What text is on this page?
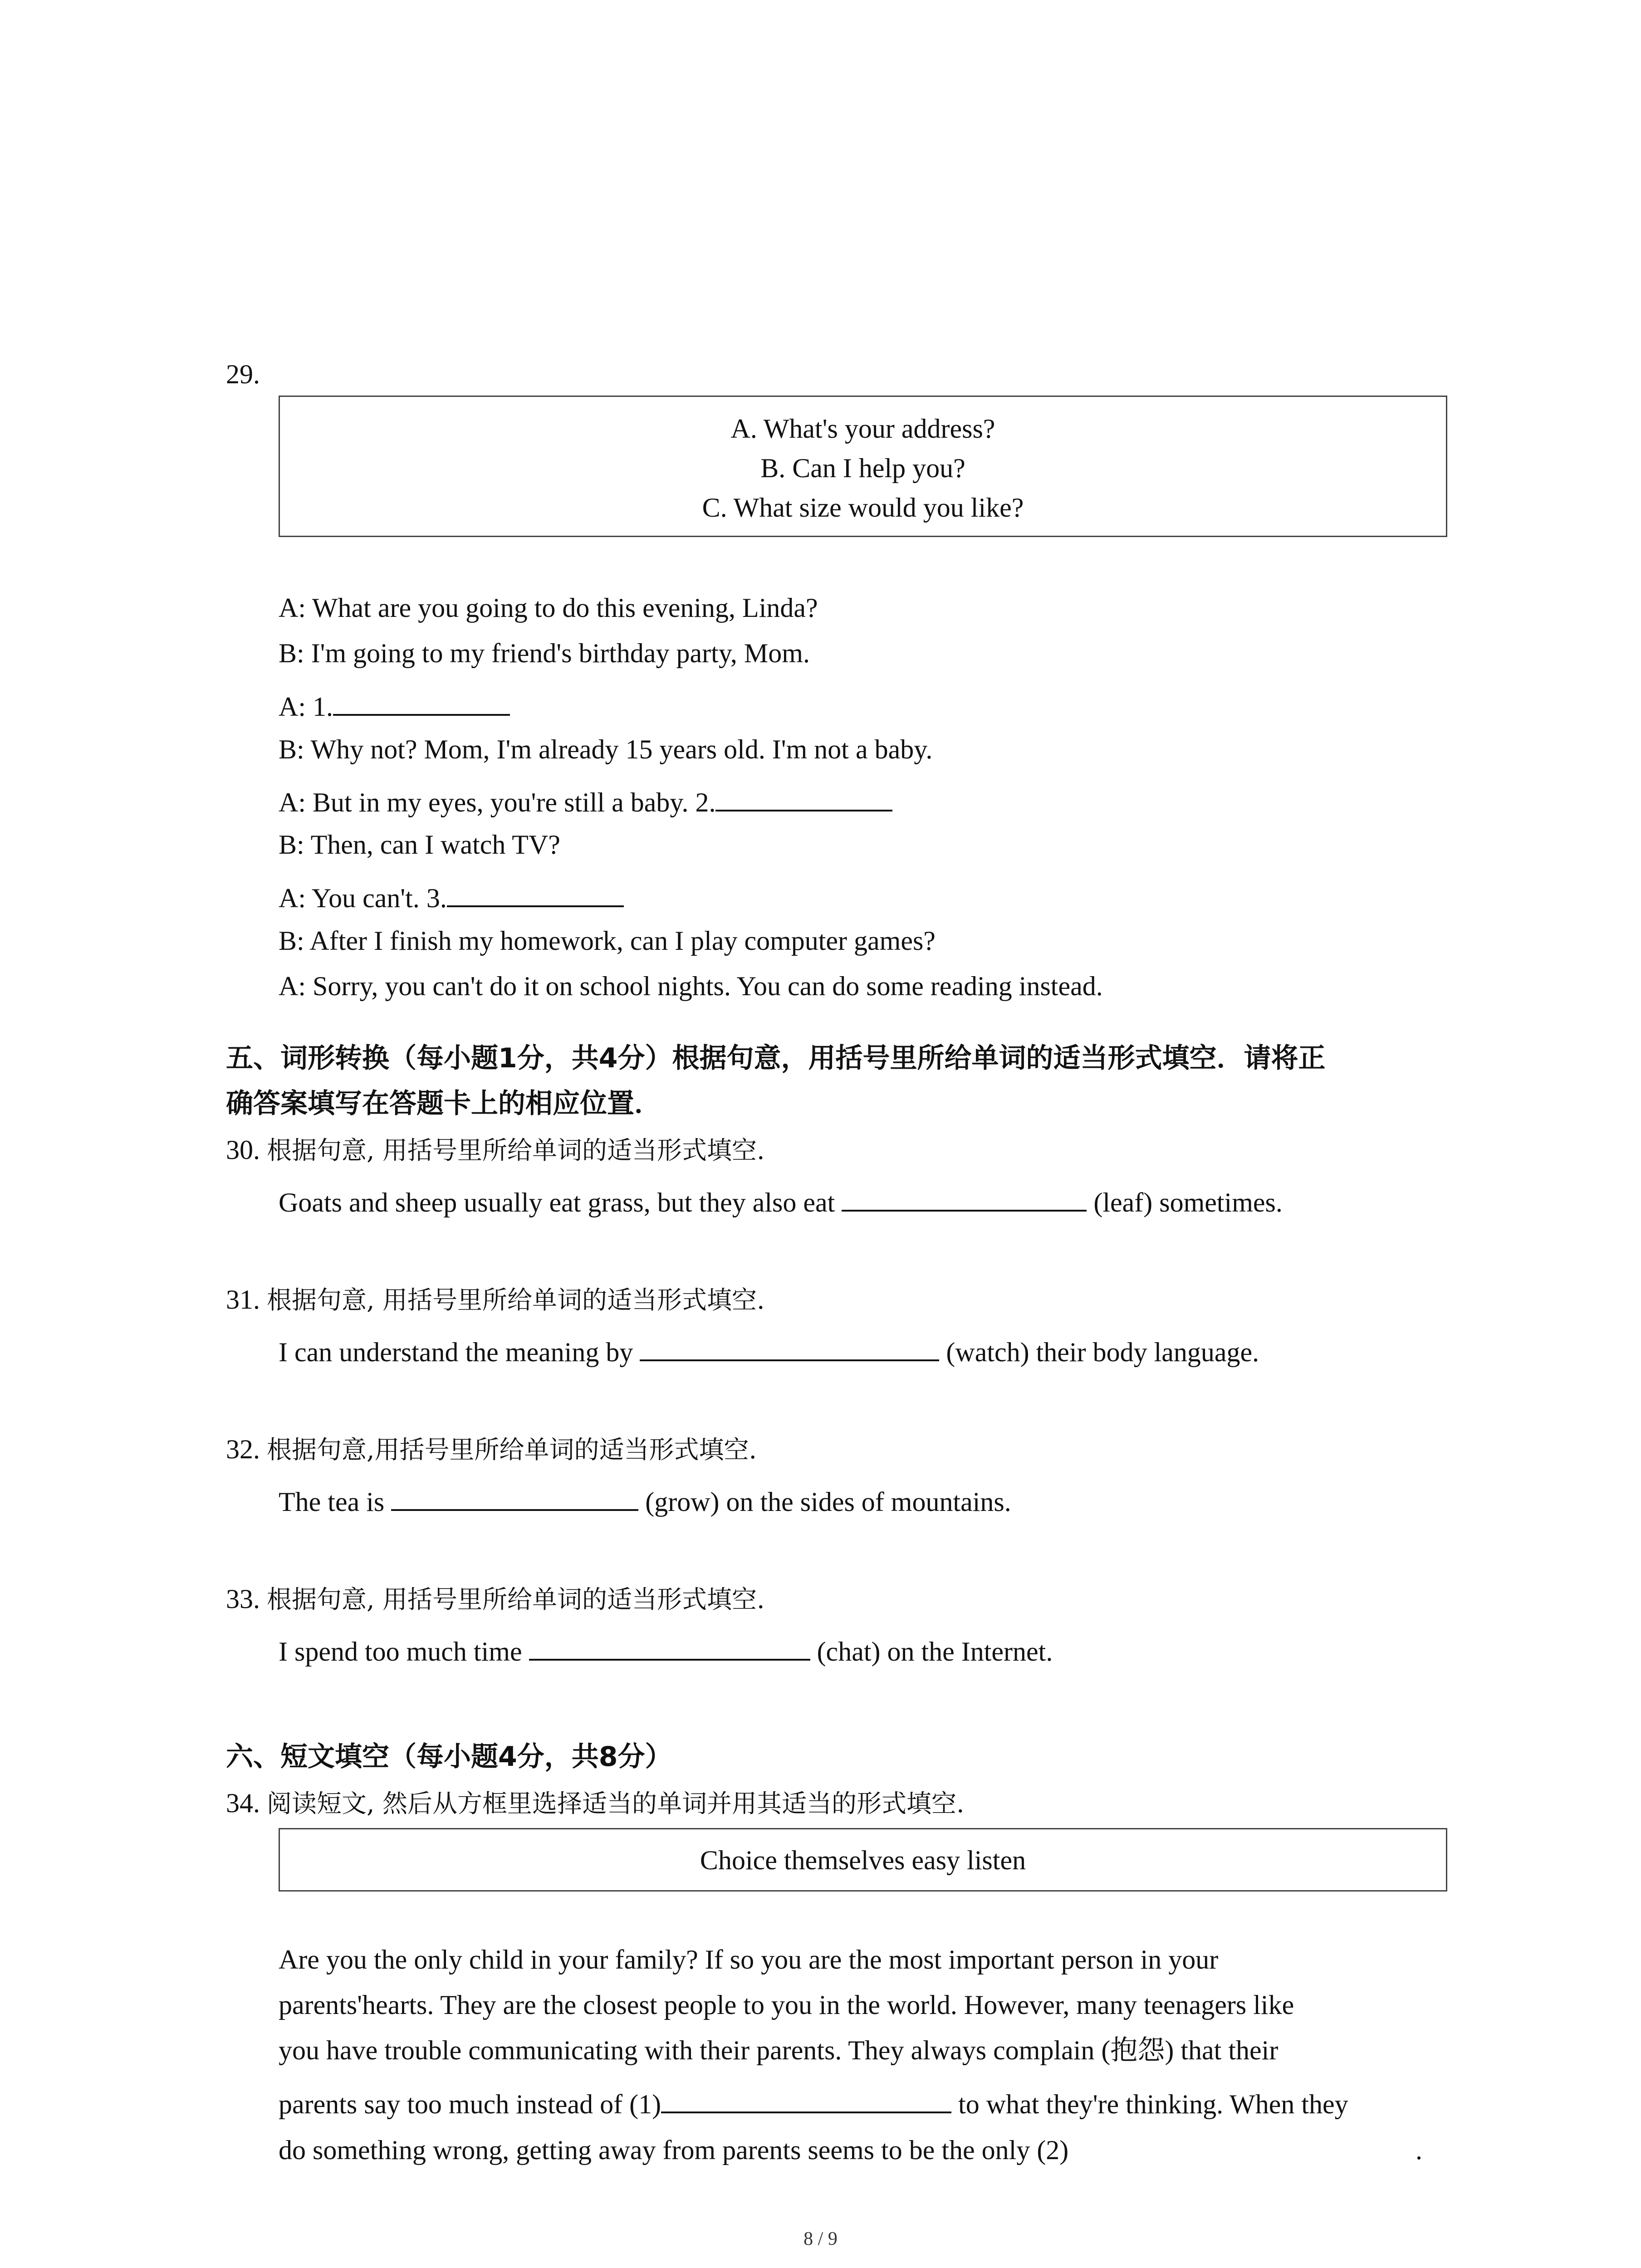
29.
A. What's your address?
B. Can I help you?
C. What size would you like?
A: What are you going to do this evening, Linda?
B: I'm going to my friend's birthday party, Mom.
A: 1.
B: Why not? Mom, I'm already 15 years old. I'm not a baby.
A: But in my eyes, you're still a baby. 2.
B: Then, can I watch TV?
A: You can't. 3.
B: After I finish my homework, can I play computer games?
A: Sorry, you can't do it on school nights. You can do some reading instead.
五、词形转换（每小题1分，共4分）根据句意，用括号里所给单词的适当形式填空．请将正
确答案填写在答题卡上的相应位置．
30. 根据句意, 用括号里所给单词的适当形式填空.
Goats and sheep usually eat grass, but they also eat	(leaf) sometimes.
31. 根据句意, 用括号里所给单词的适当形式填空.
I can understand the meaning by	(watch) their body language.
32. 根据句意,用括号里所给单词的适当形式填空.
The tea is	(grow) on the sides of mountains.
33. 根据句意, 用括号里所给单词的适当形式填空.
I spend too much time	(chat) on the Internet.
六、短文填空（每小题4分，共8分）
34. 阅读短文, 然后从方框里选择适当的单词并用其适当的形式填空.
Choice themselves easy listen
Are you the only child in your family? If so you are the most important person in your
parents'hearts. They are the closest people to you in the world. However, many teenagers like
you have trouble communicating with their parents. They always complain (抱怨) that their
parents say too much instead of (1)	to what they're thinking. When they
do something wrong, getting away from parents seems to be the only (2)	.
8 / 9
